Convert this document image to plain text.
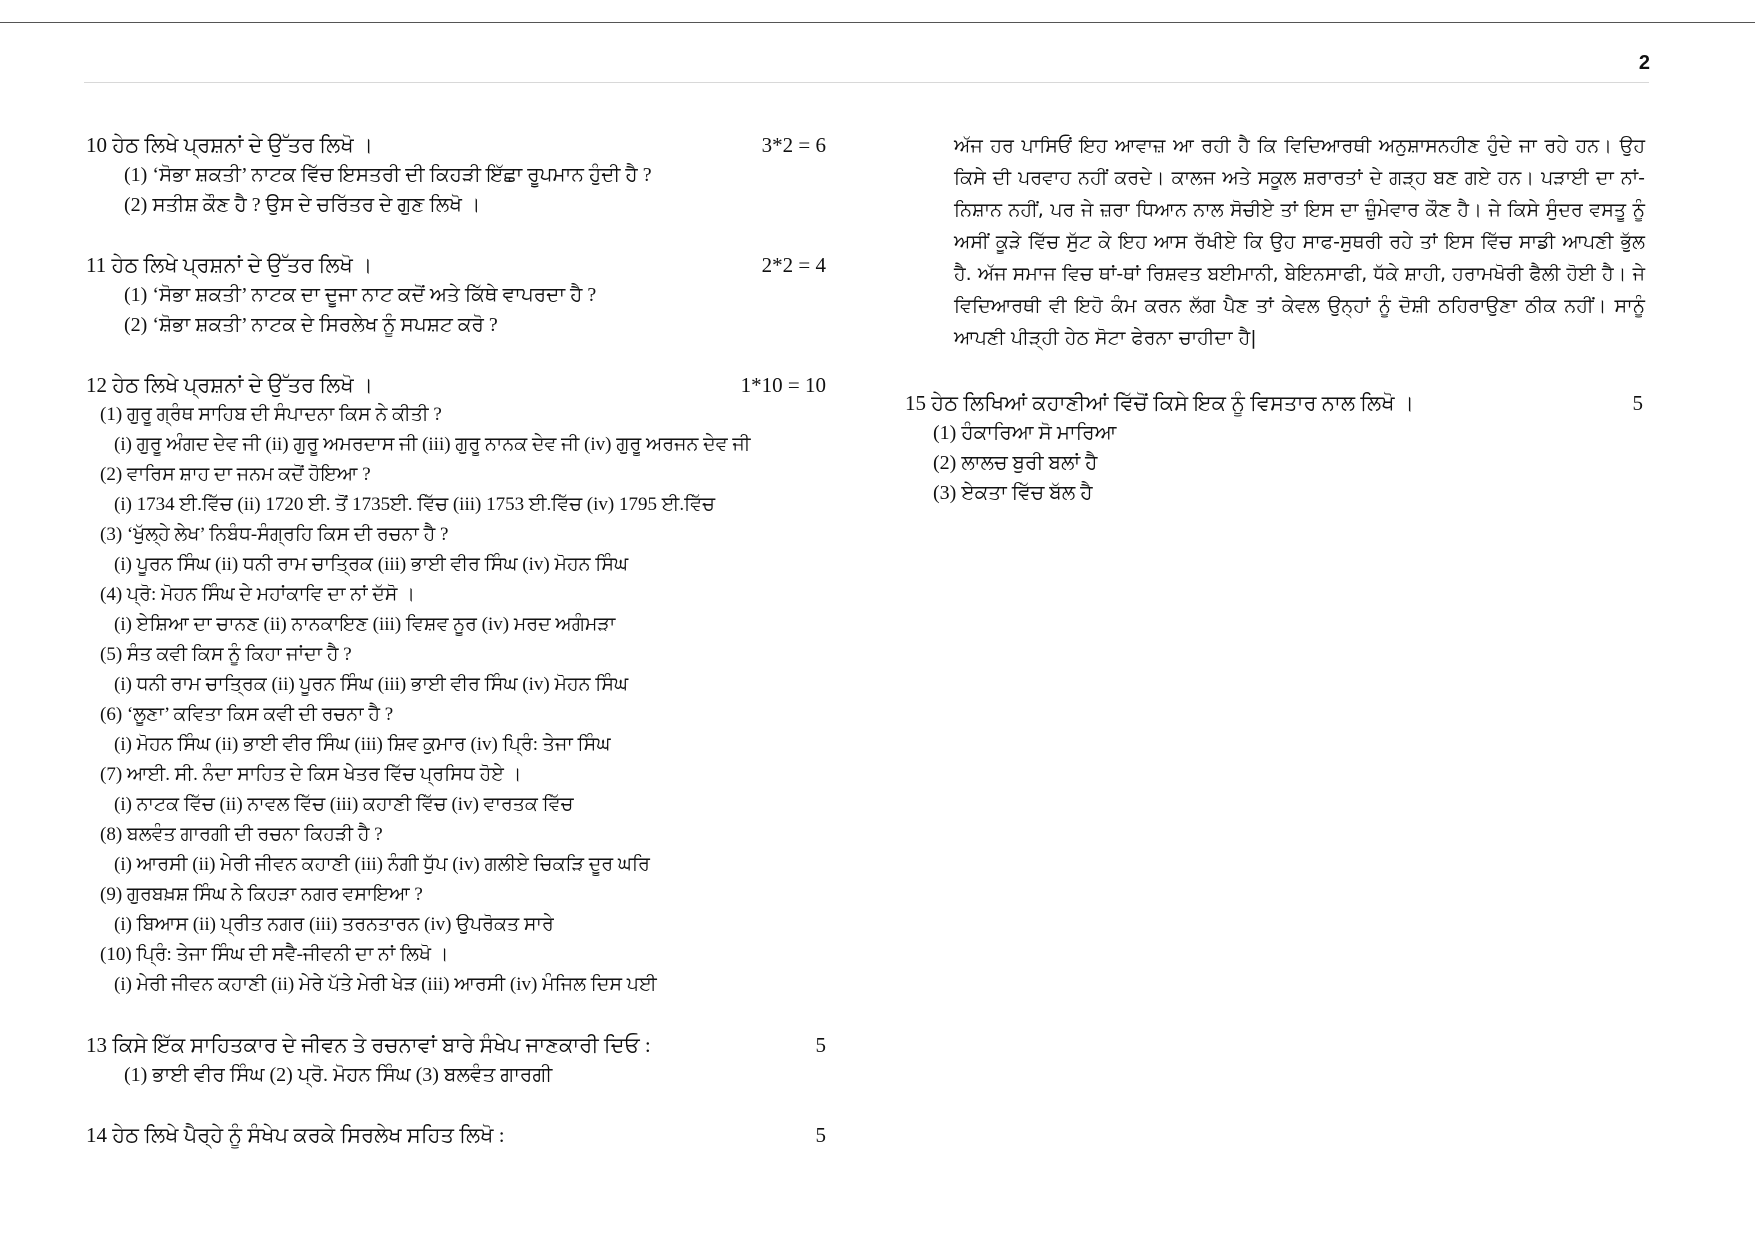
2
10 ਹੇਠ ਲਿਖੇ ਪ੍ਰਸ਼ਨਾਂ ਦੇ ਉੱਤਰ ਲਿਖੋ ।	3*2 = 6
(1) ‘ਸੋਭਾ ਸ਼ਕਤੀ’ ਨਾਟਕ ਵਿੱਚ ਇਸਤਰੀ ਦੀ ਕਿਹੜੀ ਇੱਛਾ ਰੂਪਮਾਨ ਹੁੰਦੀ ਹੈ ?
(2) ਸਤੀਸ਼ ਕੌਣ ਹੈ ? ਉਸ ਦੇ ਚਰਿੱਤਰ ਦੇ ਗੁਣ ਲਿਖੋ ।
11 ਹੇਠ ਲਿਖੇ ਪ੍ਰਸ਼ਨਾਂ ਦੇ ਉੱਤਰ ਲਿਖੋ ।	2*2 = 4
(1) ‘ਸੋਭਾ ਸ਼ਕਤੀ’ ਨਾਟਕ ਦਾ ਦੂਜਾ ਨਾਟ ਕਦੋਂ ਅਤੇ ਕਿੱਥੇ ਵਾਪਰਦਾ ਹੈ ?
(2) ‘ਸ਼ੋਭਾ ਸ਼ਕਤੀ’ ਨਾਟਕ ਦੇ ਸਿਰਲੇਖ ਨੂੰ ਸਪਸ਼ਟ ਕਰੋ ?
12 ਹੇਠ ਲਿਖੇ ਪ੍ਰਸ਼ਨਾਂ ਦੇ ਉੱਤਰ ਲਿਖੋ ।	1*10 = 10
(1) ਗੁਰੂ ਗ੍ਰੰਥ ਸਾਹਿਬ ਦੀ ਸੰਪਾਦਨਾ ਕਿਸ ਨੇ ਕੀਤੀ ?
(i) ਗੁਰੂ ਅੰਗਦ ਦੇਵ ਜੀ (ii) ਗੁਰੂ ਅਮਰਦਾਸ ਜੀ (iii) ਗੁਰੂ ਨਾਨਕ ਦੇਵ ਜੀ (iv) ਗੁਰੂ ਅਰਜਨ ਦੇਵ ਜੀ
(2) ਵਾਰਿਸ ਸ਼ਾਹ ਦਾ ਜਨਮ ਕਦੋਂ ਹੋਇਆ ?
(i) 1734 ਈ.ਵਿੱਚ (ii) 1720 ਈ. ਤੋਂ 1735ਈ. ਵਿੱਚ (iii) 1753 ਈ.ਵਿੱਚ (iv) 1795 ਈ.ਵਿੱਚ
(3) ‘ਖੁੱਲ੍ਹੇ ਲੇਖ’ ਨਿਬੰਧ-ਸੰਗ੍ਰਹਿ ਕਿਸ ਦੀ ਰਚਨਾ ਹੈ ?
(i) ਪੂਰਨ ਸਿੰਘ (ii) ਧਨੀ ਰਾਮ ਚਾਤ੍ਰਿਕ (iii) ਭਾਈ ਵੀਰ ਸਿੰਘ (iv) ਮੋਹਨ ਸਿੰਘ
(4) ਪ੍ਰੋ: ਮੋਹਨ ਸਿੰਘ ਦੇ ਮਹਾਂਕਾਵਿ ਦਾ ਨਾਂ ਦੱਸੋ ।
(i) ਏਸ਼ਿਆ ਦਾ ਚਾਨਣ (ii) ਨਾਨਕਾਇਣ (iii) ਵਿਸ਼ਵ ਨੂਰ (iv) ਮਰਦ ਅਗੰਮੜਾ
(5) ਸੰਤ ਕਵੀ ਕਿਸ ਨੂੰ ਕਿਹਾ ਜਾਂਦਾ ਹੈ ?
(i) ਧਨੀ ਰਾਮ ਚਾਤ੍ਰਿਕ (ii) ਪੂਰਨ ਸਿੰਘ (iii) ਭਾਈ ਵੀਰ ਸਿੰਘ (iv) ਮੋਹਨ ਸਿੰਘ
(6) ‘ਲੂਣਾ’ ਕਵਿਤਾ ਕਿਸ ਕਵੀ ਦੀ ਰਚਨਾ ਹੈ ?
(i) ਮੋਹਨ ਸਿੰਘ (ii) ਭਾਈ ਵੀਰ ਸਿੰਘ (iii) ਸ਼ਿਵ ਕੁਮਾਰ (iv) ਪ੍ਰਿੰ: ਤੇਜਾ ਸਿੰਘ
(7) ਆਈ. ਸੀ. ਨੰਦਾ ਸਾਹਿਤ ਦੇ ਕਿਸ ਖੇਤਰ ਵਿੱਚ ਪ੍ਰਸਿਧ ਹੋਏ ।
(i) ਨਾਟਕ ਵਿੱਚ (ii) ਨਾਵਲ ਵਿੱਚ (iii) ਕਹਾਣੀ ਵਿੱਚ (iv) ਵਾਰਤਕ ਵਿੱਚ
(8) ਬਲਵੰਤ ਗਾਰਗੀ ਦੀ ਰਚਨਾ ਕਿਹੜੀ ਹੈ ?
(i) ਆਰਸੀ (ii) ਮੇਰੀ ਜੀਵਨ ਕਹਾਣੀ (iii) ਨੰਗੀ ਧੁੱਪ (iv) ਗਲੀਏ ਚਿਕੜਿ ਦੂਰ ਘਰਿ
(9) ਗੁਰਬਖ਼ਸ਼ ਸਿੰਘ ਨੇ ਕਿਹੜਾ ਨਗਰ ਵਸਾਇਆ ?
(i) ਬਿਆਸ (ii) ਪ੍ਰੀਤ ਨਗਰ (iii) ਤਰਨਤਾਰਨ (iv) ਉਪਰੋਕਤ ਸਾਰੇ
(10) ਪ੍ਰਿੰ: ਤੇਜਾ ਸਿੰਘ ਦੀ ਸਵੈ-ਜੀਵਨੀ ਦਾ ਨਾਂ ਲਿਖੋ ।
(i) ਮੇਰੀ ਜੀਵਨ ਕਹਾਣੀ (ii) ਮੇਰੇ ਪੱਤੇ ਮੇਰੀ ਖੇੜ (iii) ਆਰਸੀ (iv) ਮੰਜਿਲ ਦਿਸ ਪਈ
13 ਕਿਸੇ ਇੱਕ ਸਾਹਿਤਕਾਰ ਦੇ ਜੀਵਨ ਤੇ ਰਚਨਾਵਾਂ ਬਾਰੇ ਸੰਖੇਪ ਜਾਣਕਾਰੀ ਦਿਓ :	5
(1) ਭਾਈ ਵੀਰ ਸਿੰਘ (2) ਪ੍ਰੋ. ਮੋਹਨ ਸਿੰਘ (3) ਬਲਵੰਤ ਗਾਰਗੀ
14 ਹੇਠ ਲਿਖੇ ਪੈਰ੍ਹੇ ਨੂੰ ਸੰਖੇਪ ਕਰਕੇ ਸਿਰਲੇਖ ਸਹਿਤ ਲਿਖੋ :	5
ਅੱਜ ਹਰ ਪਾਸਿਓਂ ਇਹ ਆਵਾਜ਼ ਆ ਰਹੀ ਹੈ ਕਿ ਵਿਦਿਆਰਥੀ ਅਨੁਸ਼ਾਸਨਹੀਣ ਹੁੰਦੇ ਜਾ ਰਹੇ ਹਨ। ਉਹ ਕਿਸੇ ਦੀ ਪਰਵਾਹ ਨਹੀਂ ਕਰਦੇ। ਕਾਲਜ ਅਤੇ ਸਕੂਲ ਸ਼ਰਾਰਤਾਂ ਦੇ ਗੜ੍ਹ ਬਣ ਗਏ ਹਨ। ਪੜਾਈ ਦਾ ਨਾਂ-ਨਿਸ਼ਾਨ ਨਹੀਂ, ਪਰ ਜੇ ਜ਼ਰਾ ਧਿਆਨ ਨਾਲ ਸੋਚੀਏ ਤਾਂ ਇਸ ਦਾ ਜ਼ੁੰਮੇਵਾਰ ਕੌਣ ਹੈ। ਜੇ ਕਿਸੇ ਸੁੰਦਰ ਵਸਤੂ ਨੂੰ ਅਸੀਂ ਕੂੜੇ ਵਿੱਚ ਸੁੱਟ ਕੇ ਇਹ ਆਸ ਰੱਖੀਏ ਕਿ ਉਹ ਸਾਫ-ਸੁਥਰੀ ਰਹੇ ਤਾਂ ਇਸ ਵਿੱਚ ਸਾਡੀ ਆਪਣੀ ਭੁੱਲ ਹੈ. ਅੱਜ ਸਮਾਜ ਵਿਚ ਥਾਂ-ਥਾਂ ਰਿਸ਼ਵਤ ਬਈਮਾਨੀ, ਬੇਇਨਸਾਫੀ, ਧੱਕੇ ਸ਼ਾਹੀ, ਹਰਾਮਖੋਰੀ ਫੈਲੀ ਹੋਈ ਹੈ। ਜੇ ਵਿਦਿਆਰਥੀ ਵੀ ਇਹੋ ਕੰਮ ਕਰਨ ਲੱਗ ਪੈਣ ਤਾਂ ਕੇਵਲ ਉਨ੍ਹਾਂ ਨੂੰ ਦੋਸ਼ੀ ਠਹਿਰਾਉਣਾ ਠੀਕ ਨਹੀਂ। ਸਾਨੂੰ ਆਪਣੀ ਪੀੜ੍ਹੀ ਹੇਠ ਸੋਟਾ ਫੇਰਨਾ ਚਾਹੀਦਾ ਹੈ|
15 ਹੇਠ ਲਿਖਿਆਂ ਕਹਾਣੀਆਂ ਵਿੱਚੋਂ ਕਿਸੇ ਇਕ ਨੂੰ ਵਿਸਤਾਰ ਨਾਲ ਲਿਖੋ ।	5
(1) ਹੰਕਾਰਿਆ ਸੋ ਮਾਰਿਆ
(2) ਲਾਲਚ ਬੁਰੀ ਬਲਾਂ ਹੈ
(3) ਏਕਤਾ ਵਿੱਚ ਬੱਲ ਹੈ
